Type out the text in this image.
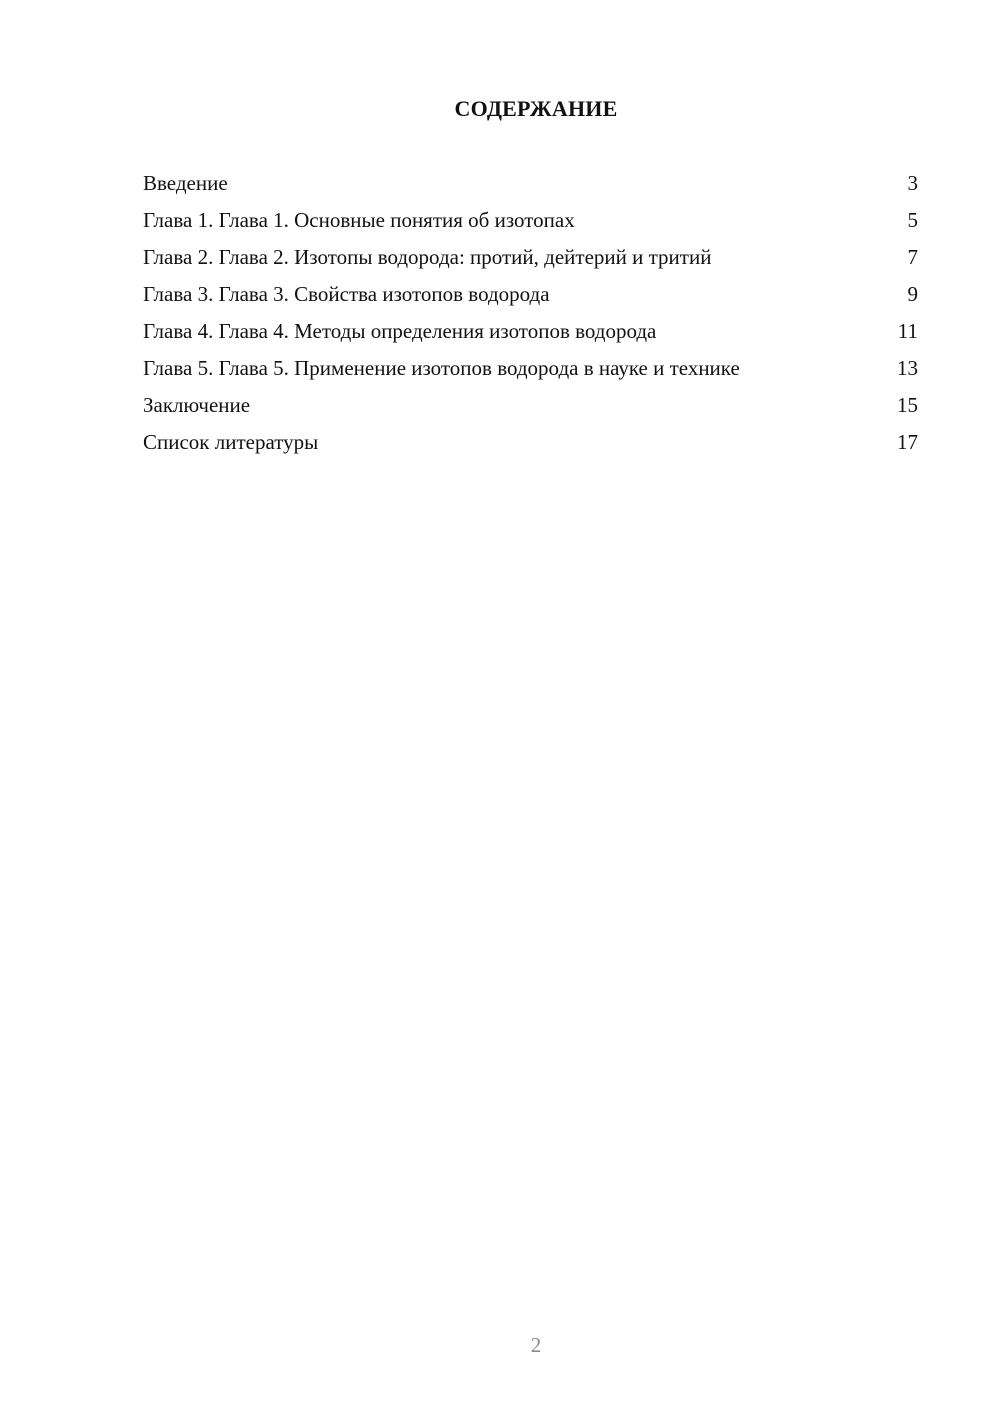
СОДЕРЖАНИЕ
Введение	3
Глава 1. Глава 1. Основные понятия об изотопах	5
Глава 2. Глава 2. Изотопы водорода: протий, дейтерий и тритий	7
Глава 3. Глава 3. Свойства изотопов водорода	9
Глава 4. Глава 4. Методы определения изотопов водорода	11
Глава 5. Глава 5. Применение изотопов водорода в науке и технике	13
Заключение	15
Список литературы	17
2
